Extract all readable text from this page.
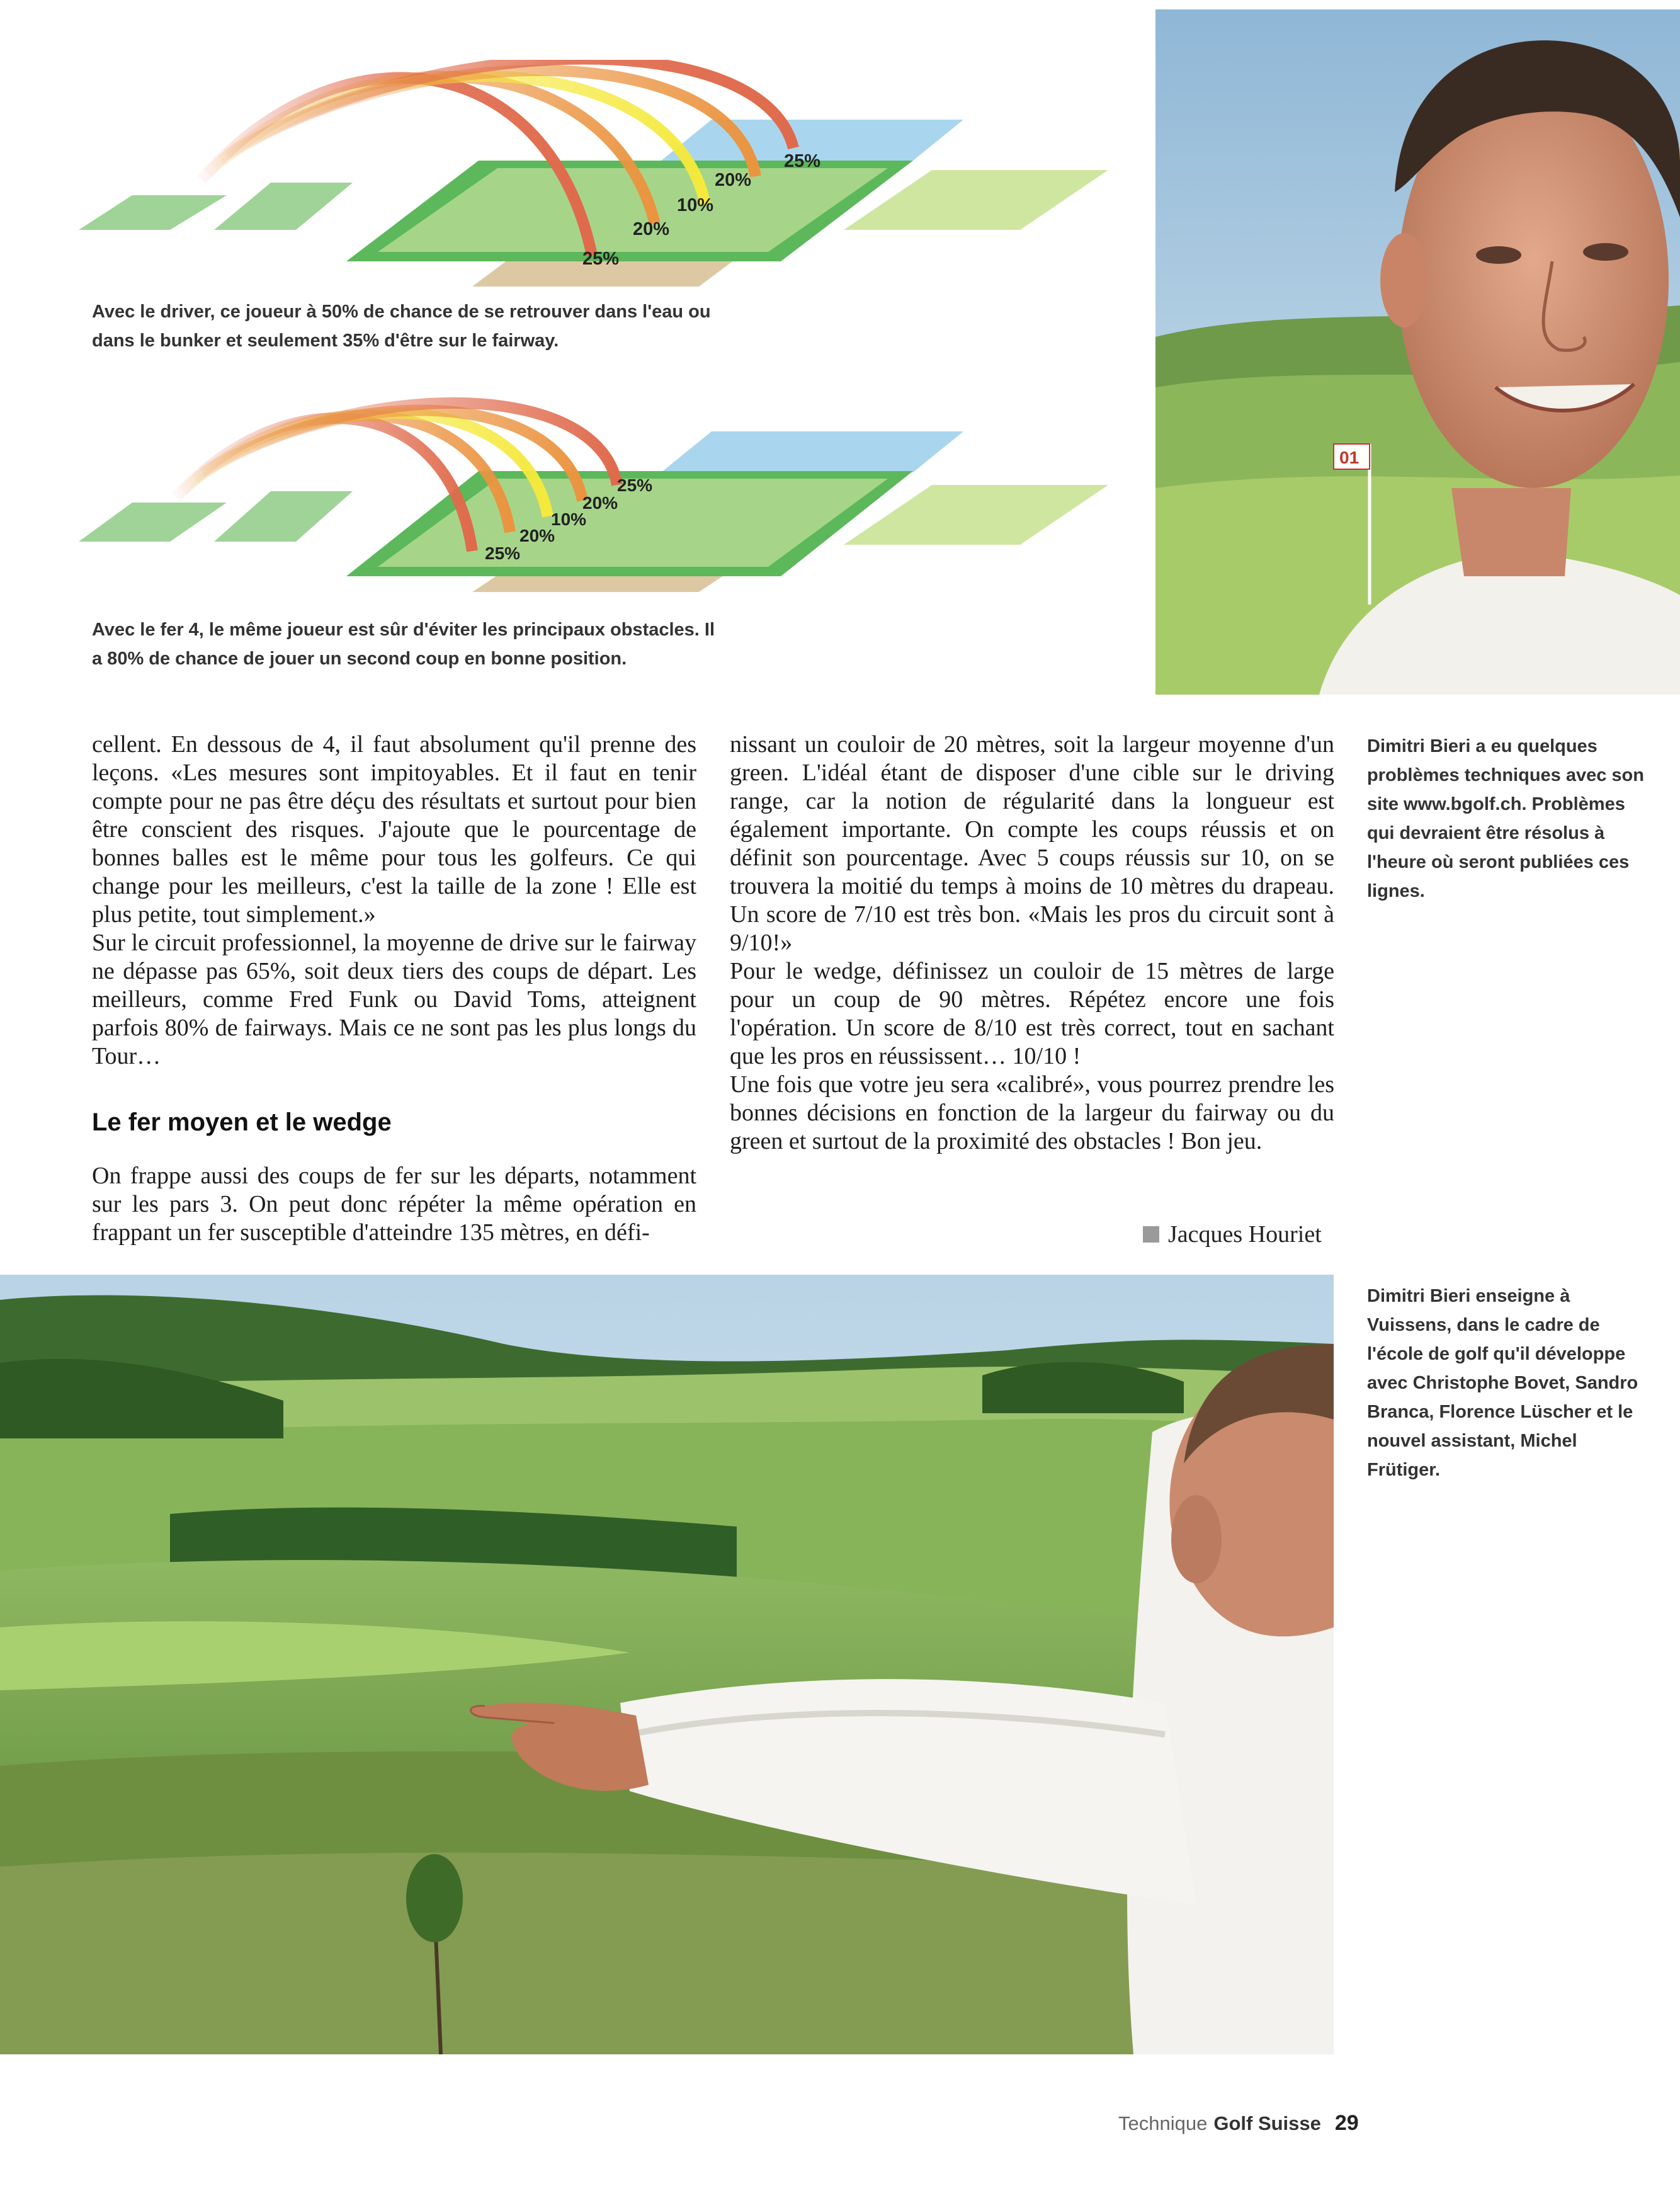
25%
20%
10%
20%
25%
Avec le driver, ce joueur à 50% de chance de se retrouver dans l'eau ou dans le bunker et seulement 35% d'être sur le fairway.
25%
20%
10%
20%
25%
Avec le fer 4, le même joueur est sûr d'éviter les principaux obstacles. Il a 80% de chance de jouer un second coup en bonne position.
01
Dimitri Bieri a eu quelques problèmes techniques avec son site www.bgolf.ch. Problèmes qui devraient être résolus à l'heure où seront publiées ces lignes.

cellent. En dessous de 4, il faut absolument qu'il prenne des leçons. «Les mesures sont impitoyables. Et il faut en tenir compte pour ne pas être déçu des résultats et surtout pour bien être conscient des risques. J'ajoute que le pourcentage de bonnes balles est le même pour tous les golfeurs. Ce qui change pour les meilleurs, c'est la taille de la zone ! Elle est plus petite, tout simplement.»

Sur le circuit professionnel, la moyenne de drive sur le fairway ne dépasse pas 65%, soit deux tiers des coups de départ. Les meilleurs, comme Fred Funk ou David Toms, atteignent parfois 80% de fairways. Mais ce ne sont pas les plus longs du Tour…

Le fer moyen et le wedge

On frappe aussi des coups de fer sur les départs, notamment sur les pars 3. On peut donc répéter la même opération en frappant un fer susceptible d'atteindre 135 mètres, en défi-

nissant un couloir de 20 mètres, soit la largeur moyenne d'un green. L'idéal étant de disposer d'une cible sur le driving range, car la notion de régularité dans la longueur est également importante. On compte les coups réussis et on définit son pourcentage. Avec 5 coups réussis sur 10, on se trouvera la moitié du temps à moins de 10 mètres du drapeau. Un score de 7/10 est très bon. «Mais les pros du circuit sont à 9/10!»

Pour le wedge, définissez un couloir de 15 mètres de large pour un coup de 90 mètres. Répétez encore une fois l'opération. Un score de 8/10 est très correct, tout en sachant que les pros en réussissent… 10/10 !

Une fois que votre jeu sera «calibré», vous pourrez prendre les bonnes décisions en fonction de la largeur du fairway ou du green et surtout de la proximité des obstacles ! Bon jeu.

Jacques Houriet
Dimitri Bieri enseigne à Vuissens, dans le cadre de l'école de golf qu'il développe avec Christophe Bovet, Sandro Branca, Florence Lüscher et le nouvel assistant, Michel Frütiger.
Technique Golf Suisse 29
